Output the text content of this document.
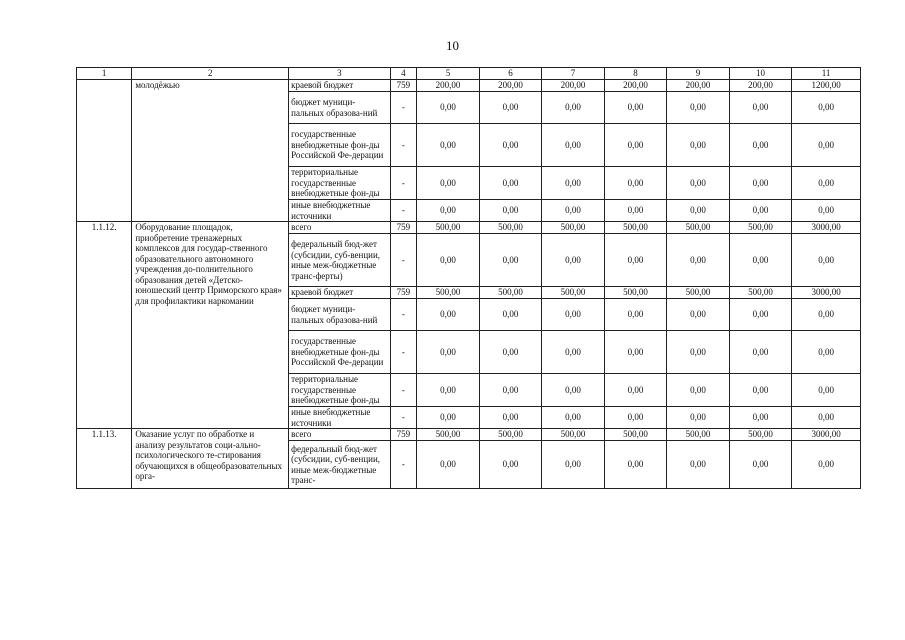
10
1	2	3	4	5	6	7	8	9	10	11
	молодёжью	краевой бюджет	759	200,00	200,00	200,00	200,00	200,00	200,00	1200,00
		бюджет муници-пальных образова-ний	-	0,00	0,00	0,00	0,00	0,00	0,00	0,00
		государственные внебюджетные фон-ды Российской Фе-дерации	-	0,00	0,00	0,00	0,00	0,00	0,00	0,00
		территориальные государственные внебюджетные фон-ды	-	0,00	0,00	0,00	0,00	0,00	0,00	0,00
		иные внебюджетные источники	-	0,00	0,00	0,00	0,00	0,00	0,00	0,00
1.1.12.	Оборудование площадок, приобретение тренажерных комплексов для государ-ственного образовательного автономного учреждения до-полнительного образования детей «Детско-юношеский центр Приморского края» для профилактики наркомании	всего	759	500,00	500,00	500,00	500,00	500,00	500,00	3000,00
		федеральный бюд-жет (субсидии, суб-венции, иные меж-бюджетные транс-ферты)	-	0,00	0,00	0,00	0,00	0,00	0,00	0,00
		краевой бюджет	759	500,00	500,00	500,00	500,00	500,00	500,00	3000,00
		бюджет муници-пальных образова-ний	-	0,00	0,00	0,00	0,00	0,00	0,00	0,00
		государственные внебюджетные фон-ды Российской Фе-дерации	-	0,00	0,00	0,00	0,00	0,00	0,00	0,00
		территориальные государственные внебюджетные фон-ды	-	0,00	0,00	0,00	0,00	0,00	0,00	0,00
		иные внебюджетные источники	-	0,00	0,00	0,00	0,00	0,00	0,00	0,00
1.1.13.	Оказание услуг по обработке и анализу результатов соци-ально-психологического те-стирования обучающихся в общеобразовательных орга-	всего	759	500,00	500,00	500,00	500,00	500,00	500,00	3000,00
		федеральный бюд-жет (субсидии, суб-венции, иные меж-бюджетные транс-	-	0,00	0,00	0,00	0,00	0,00	0,00	0,00
